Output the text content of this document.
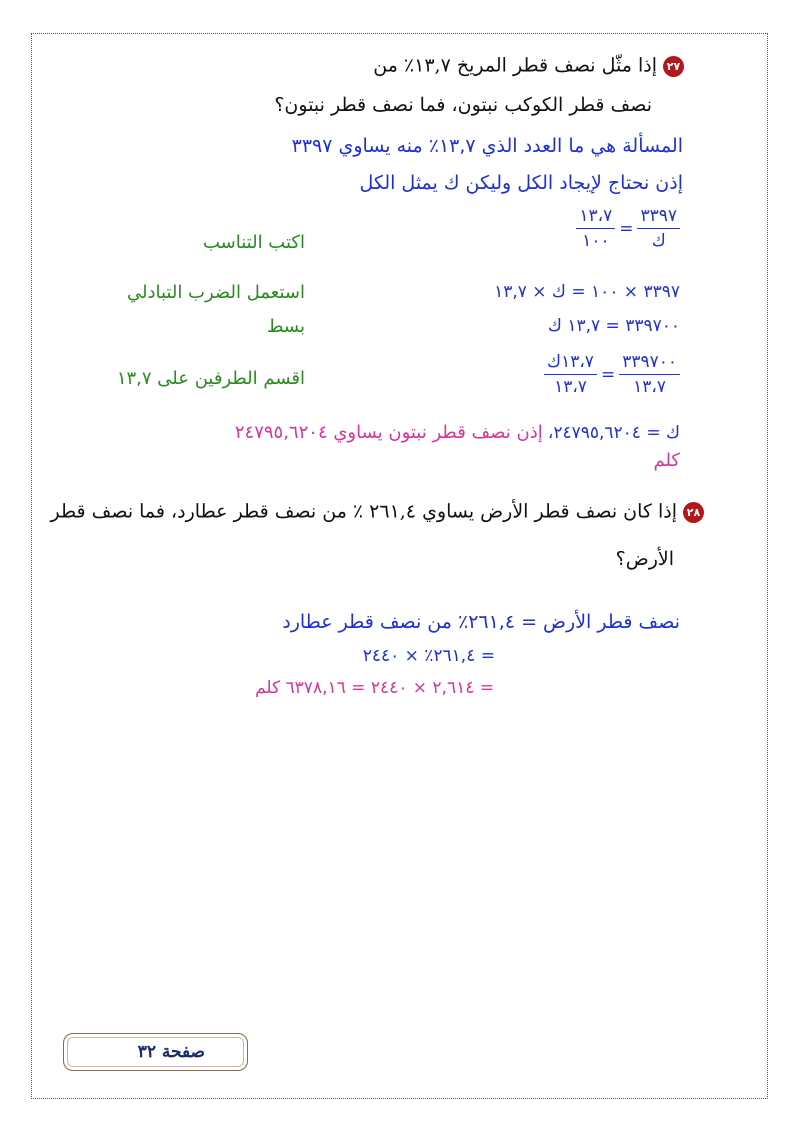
٢٧إذا مثّل نصف قطر المريخ ١٣,٧٪ من
نصف قطر الكوكب نبتون، فما نصف قطر نبتون؟
المسألة هي ما العدد الذي ١٣,٧٪ منه يساوي ٣٣٩٧
إذن نحتاج لإيجاد الكل وليكن ك يمثل الكل
$\frac{٣٣٩٧}{\text{ك}}$
=
$\frac{١٣،٧}{١٠٠}$
اكتب التناسب
٣٣٩٧ × ١٠٠ = ك × ١٣,٧
استعمل الضرب التبادلي
٣٣٩٧٠٠ = ١٣,٧ ك
بسط
$\frac{٣٣٩٧٠٠}{١٣،٧}$
=
$\frac{\text{١٣،٧ك}}{١٣،٧}$
اقسم الطرفين على ١٣,٧
ك = ٢٤٧٩٥,٦٢٠٤، إذن نصف قطر نبتون يساوي ٢٤٧٩٥,٦٢٠٤
كلم
٢٨إذا كان نصف قطر الأرض يساوي ٢٦١,٤ ٪ من نصف قطر عطارد، فما نصف قطر
الأرض؟
نصف قطر الأرض = ٢٦١,٤٪ من نصف قطر عطارد
= ٢٦١,٤٪ × ٢٤٤٠
= ٢,٦١٤ × ٢٤٤٠ = ٦٣٧٨,١٦ كلم
صفحة ٣٢
